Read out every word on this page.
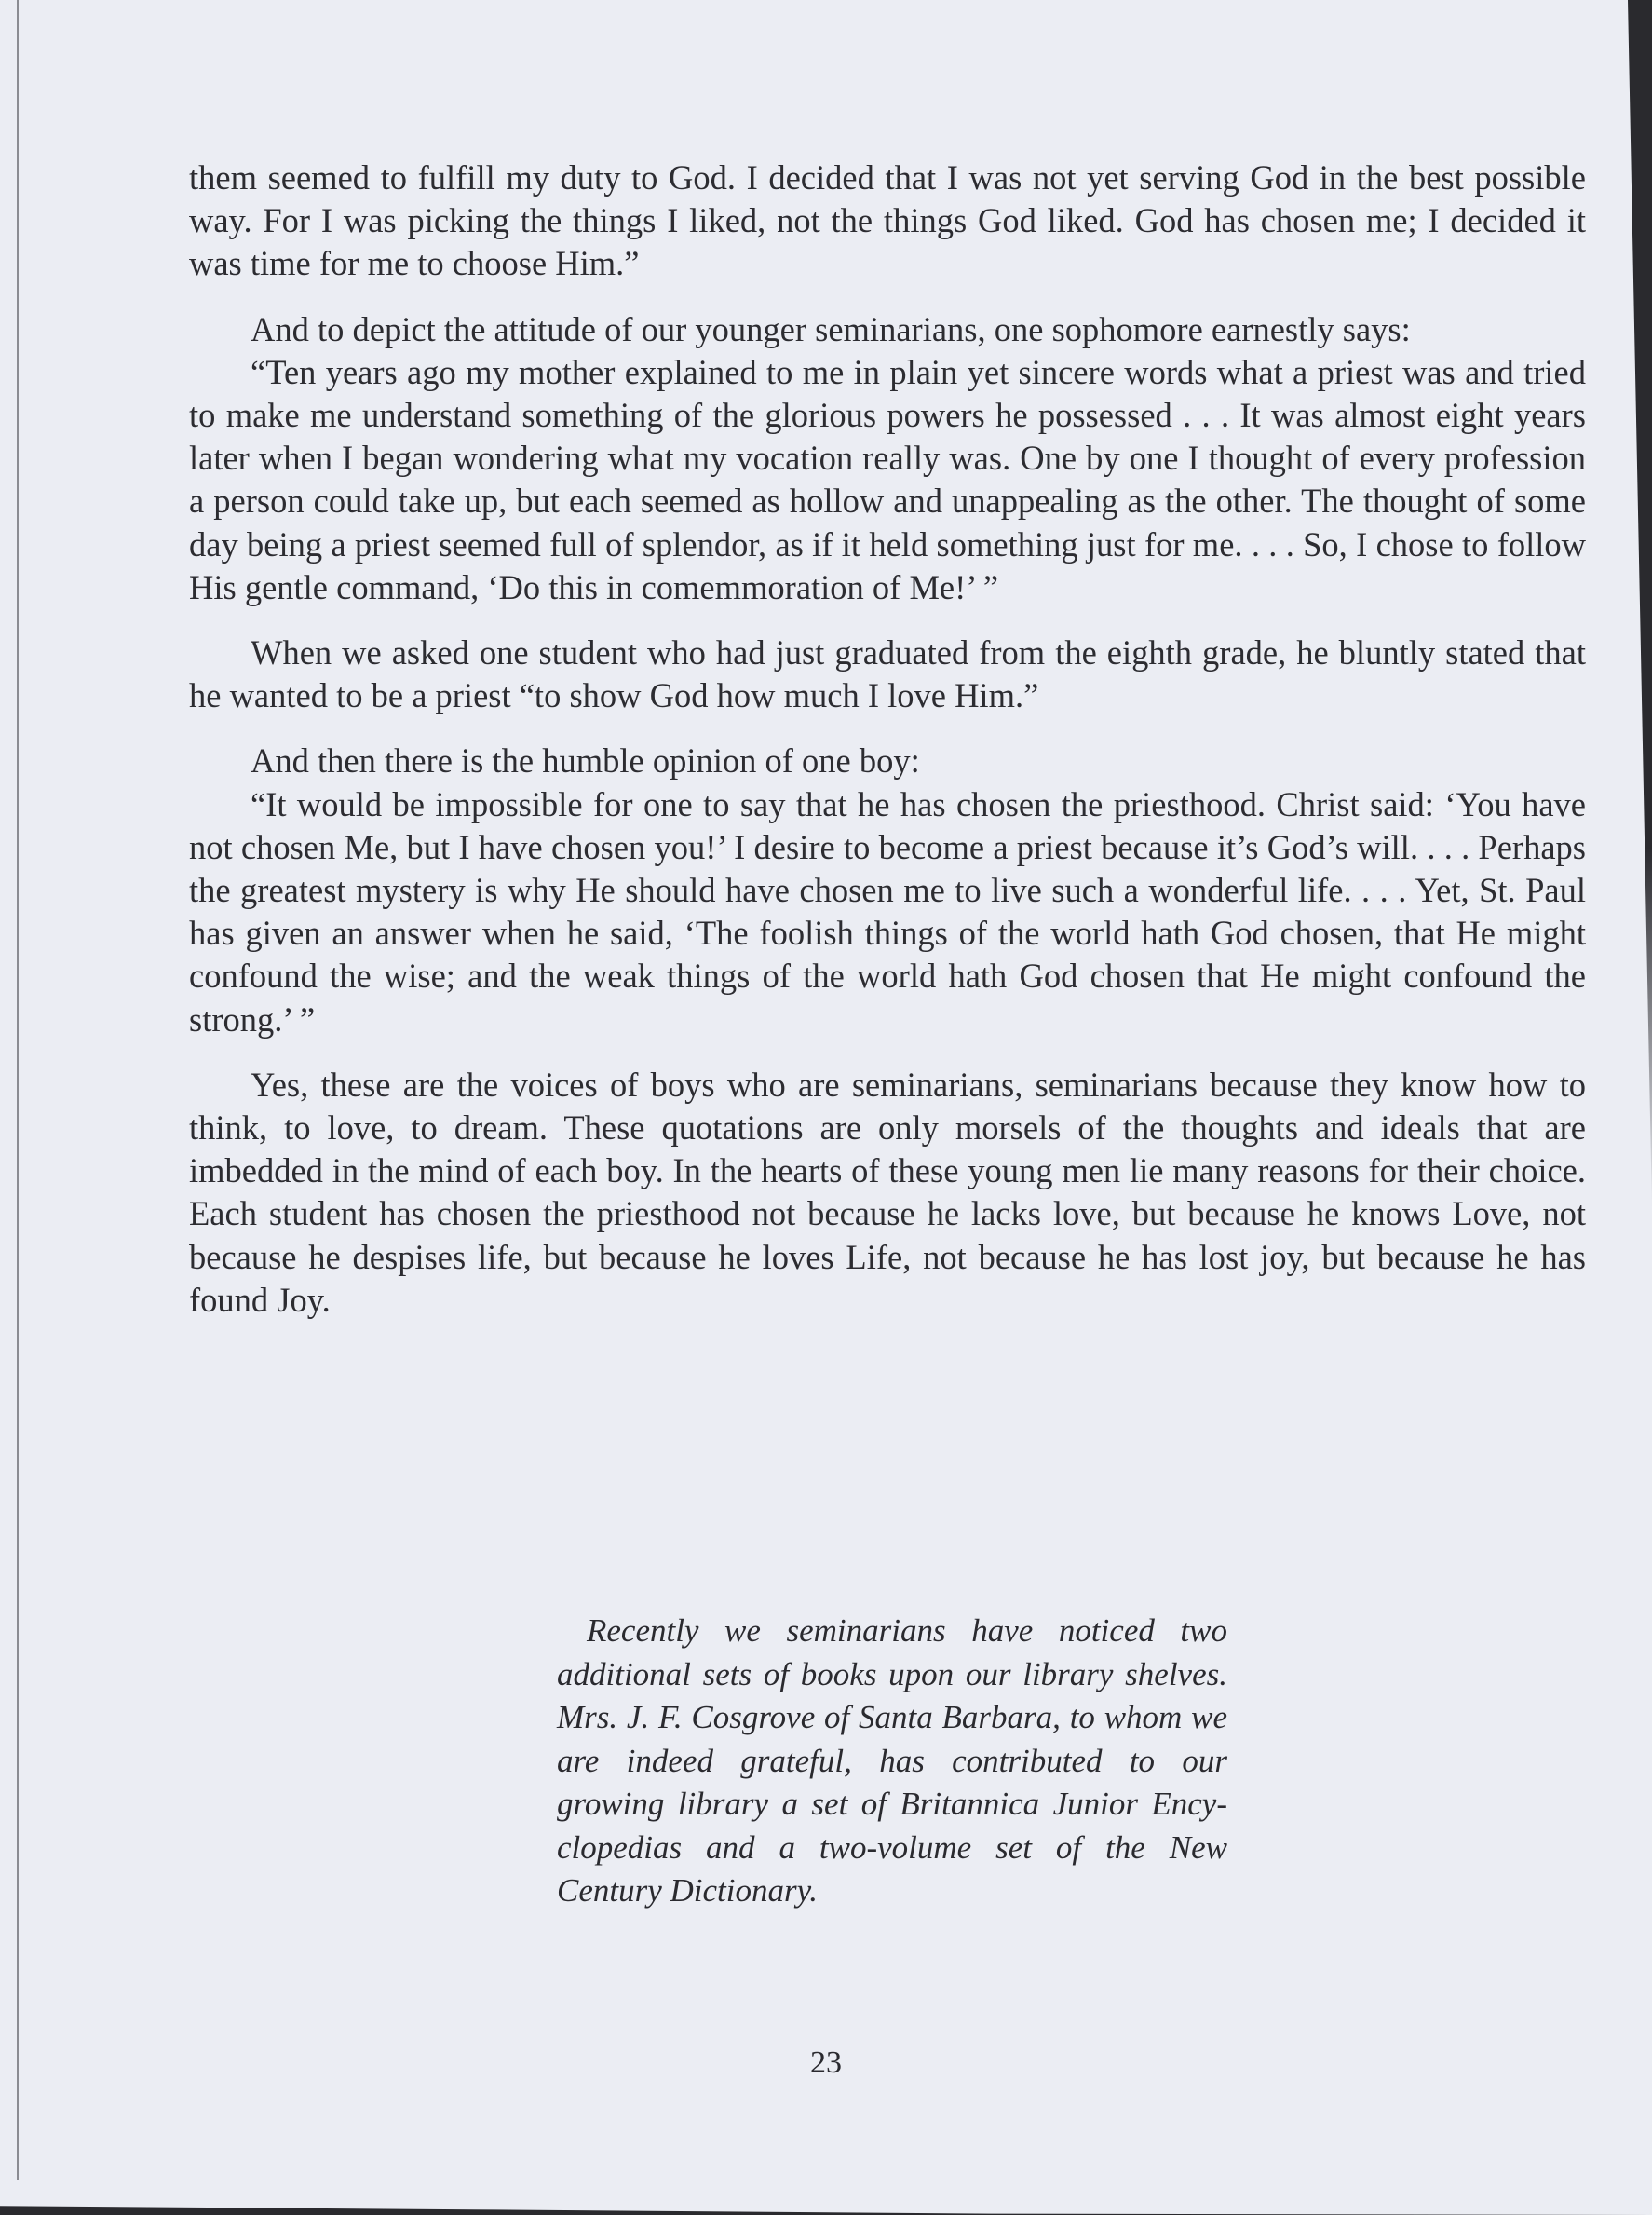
them seemed to fulfill my duty to God. I decided that I was not yet serving God in the best possible way. For I was picking the things I liked, not the things God liked. God has chosen me; I decided it was time for me to choose Him.”

And to depict the attitude of our younger seminarians, one sophomore earnestly says:

“Ten years ago my mother explained to me in plain yet sincere words what a priest was and tried to make me understand something of the glorious powers he possessed . . . It was almost eight years later when I began wondering what my vocation really was. One by one I thought of every profession a person could take up, but each seemed as hollow and unappealing as the other. The thought of some day being a priest seemed full of splendor, as if it held something just for me. . . . So, I chose to follow His gentle command, ‘Do this in comemmoration of Me!’ ”

When we asked one student who had just graduated from the eighth grade, he bluntly stated that he wanted to be a priest “to show God how much I love Him.”

And then there is the humble opinion of one boy:

“It would be impossible for one to say that he has chosen the priesthood. Christ said: ‘You have not chosen Me, but I have chosen you!’ I desire to become a priest because it’s God’s will. . . . Perhaps the greatest mystery is why He should have chosen me to live such a wonderful life. . . . Yet, St. Paul has given an answer when he said, ‘The foolish things of the world hath God chosen, that He might confound the wise; and the weak things of the world hath God chosen that He might confound the strong.’ ”

Yes, these are the voices of boys who are seminarians, seminarians because they know how to think, to love, to dream. These quotations are only morsels of the thoughts and ideals that are imbedded in the mind of each boy. In the hearts of these young men lie many reasons for their choice. Each student has chosen the priesthood not because he lacks love, but because he knows Love, not because he despises life, but because he loves Life, not because he has lost joy, but because he has found Joy.

Recently we seminarians have noticed two additional sets of books upon our library shelves. Mrs. J. F. Cosgrove of Santa Barbara, to whom we are indeed grateful, has contributed to our growing library a set of Britannica Junior Encyclopedias and a two-volume set of the New Century Dictionary.

23
